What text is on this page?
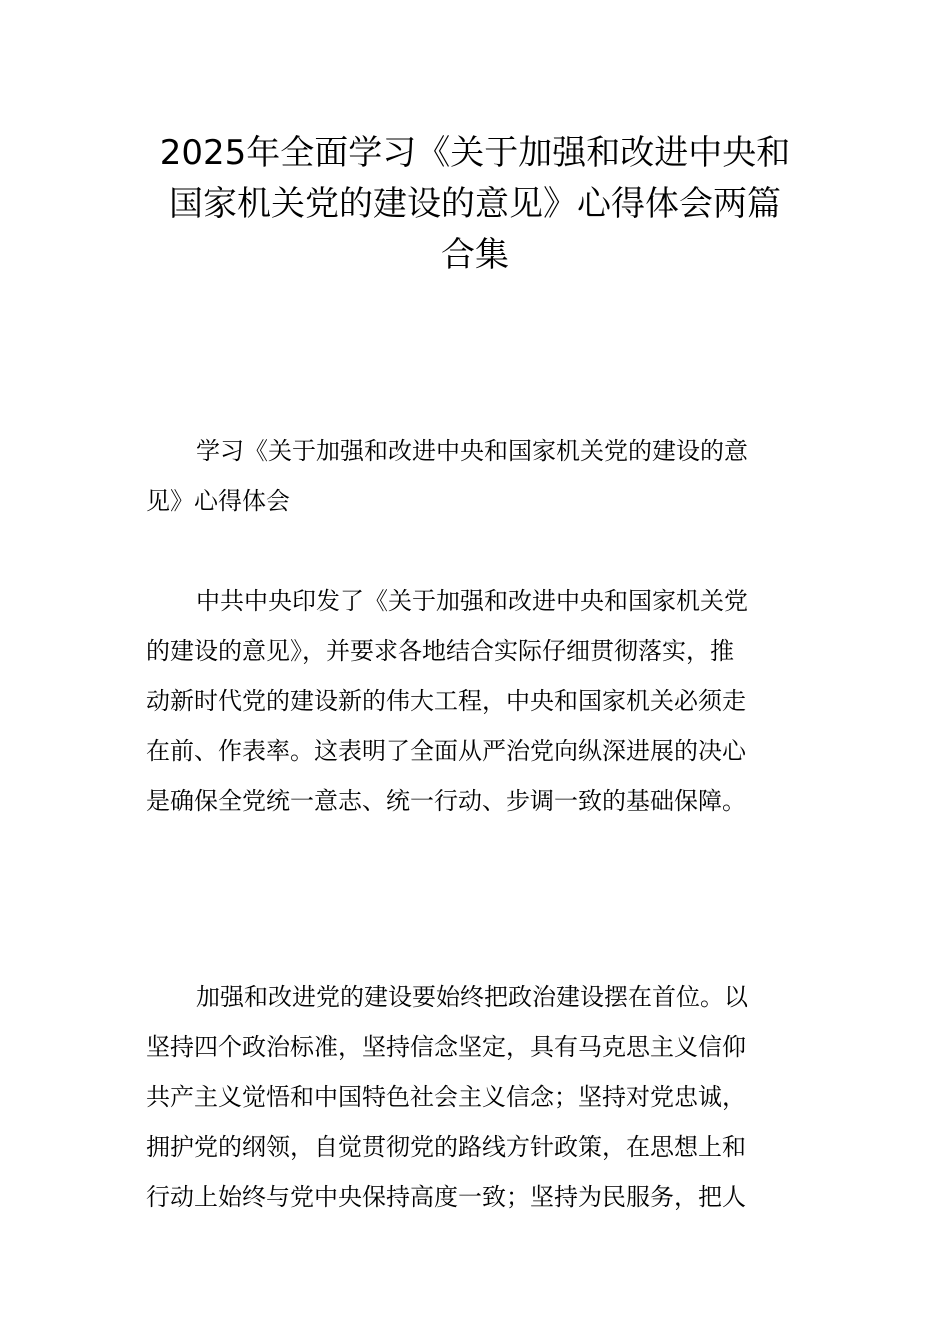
2025年全面学习《关于加强和改进中央和
国家机关党的建设的意见》心得体会两篇
合集
学习《关于加强和改进中央和国家机关党的建设的意
见》心得体会
中共中央印发了《关于加强和改进中央和国家机关党
的建设的意见》，并要求各地结合实际仔细贯彻落实，推
动新时代党的建设新的伟大工程，中央和国家机关必须走
在前、作表率。这表明了全面从严治党向纵深进展的决心
是确保全党统一意志、统一行动、步调一致的基础保障。
加强和改进党的建设要始终把政治建设摆在首位。以
坚持四个政治标准，坚持信念坚定，具有马克思主义信仰
共产主义觉悟和中国特色社会主义信念；坚持对党忠诚，
拥护党的纲领，自觉贯彻党的路线方针政策，在思想上和
行动上始终与党中央保持高度一致；坚持为民服务，把人
